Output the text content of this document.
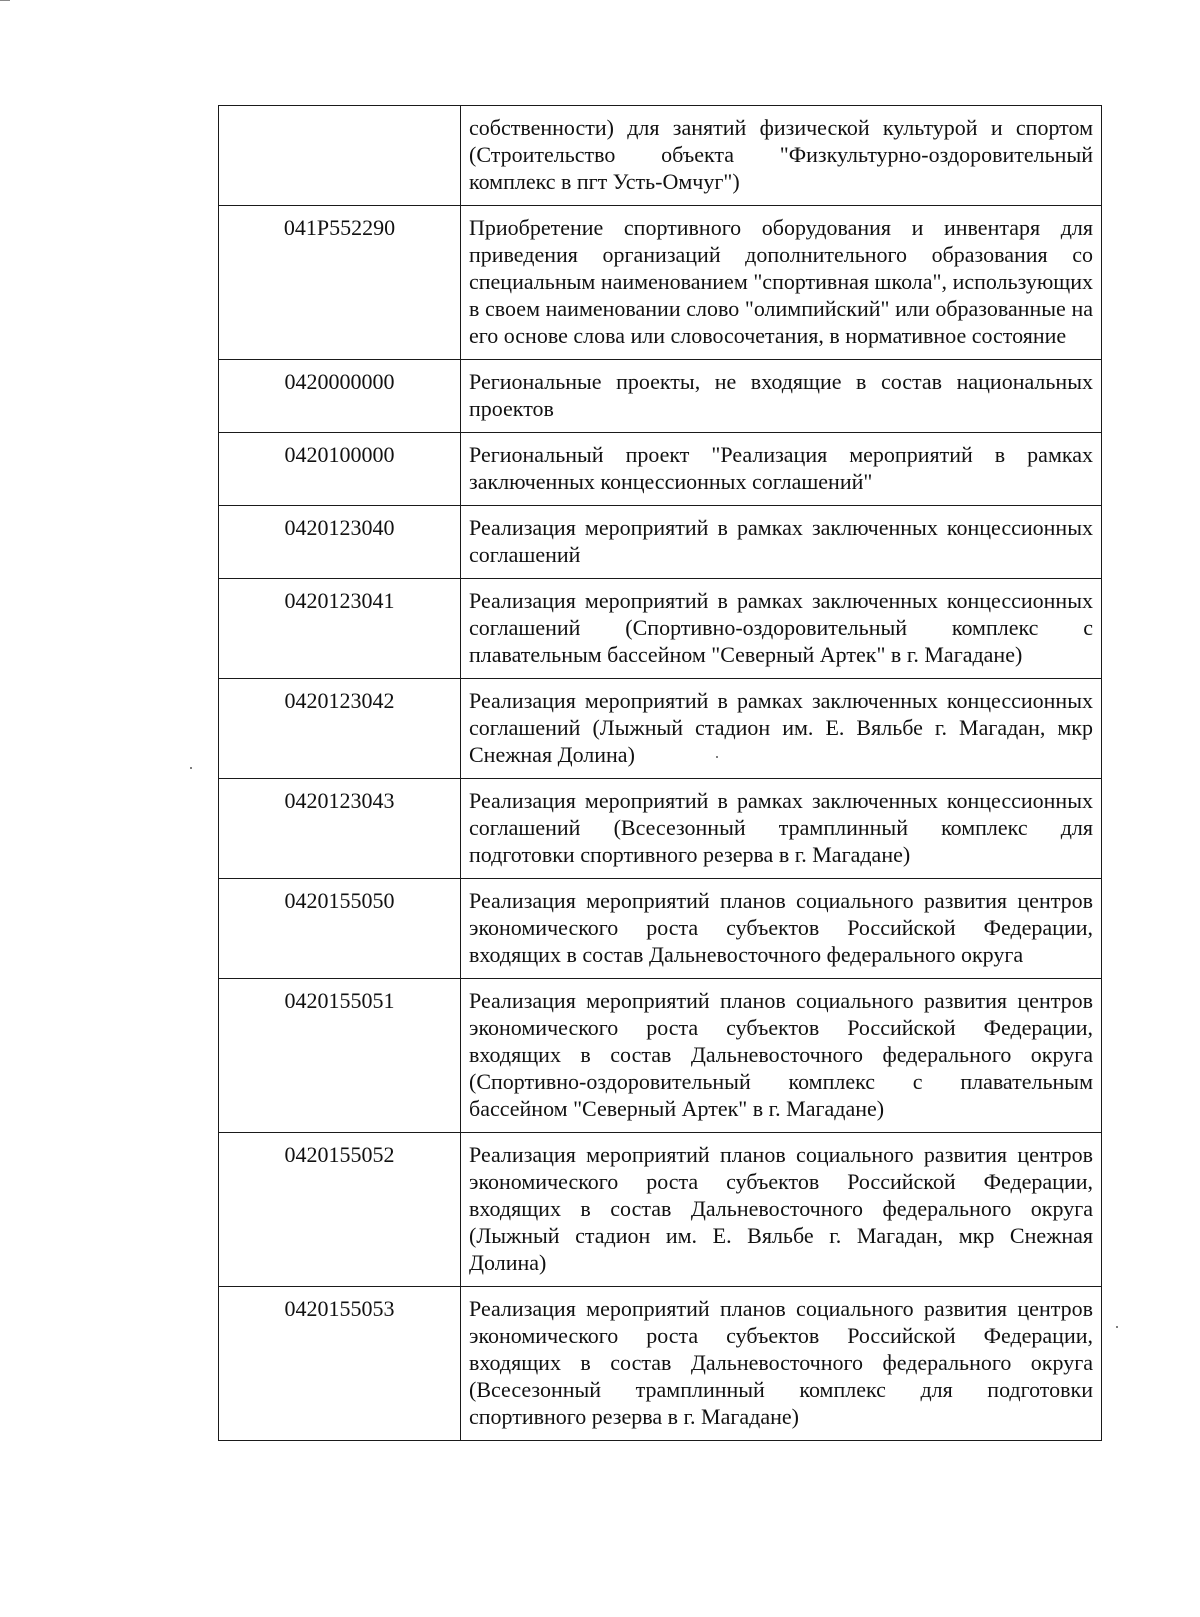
	собственности) для занятий физической культурой и спортом (Строительство объекта "Физкультурно-оздоровительный комплекс в пгт Усть-Омчуг")
041P552290	Приобретение спортивного оборудования и инвентаря для приведения организаций дополнительного образования со специальным наименованием "спортивная школа", использующих в своем наименовании слово "олимпийский" или образованные на его основе слова или словосочетания, в нормативное состояние
0420000000	Региональные проекты, не входящие в состав национальных проектов
0420100000	Региональный проект "Реализация мероприятий в рамках заключенных концессионных соглашений"
0420123040	Реализация мероприятий в рамках заключенных концессионных соглашений
0420123041	Реализация мероприятий в рамках заключенных концессионных соглашений (Спортивно-оздоровительный комплекс с плавательным бассейном "Северный Артек" в г. Магадане)
0420123042	Реализация мероприятий в рамках заключенных концессионных соглашений (Лыжный стадион им. Е. Вяльбе г. Магадан, мкр Снежная Долина)
0420123043	Реализация мероприятий в рамках заключенных концессионных соглашений (Всесезонный трамплинный комплекс для подготовки спортивного резерва в г. Магадане)
0420155050	Реализация мероприятий планов социального развития центров экономического роста субъектов Российской Федерации, входящих в состав Дальневосточного федерального округа
0420155051	Реализация мероприятий планов социального развития центров экономического роста субъектов Российской Федерации, входящих в состав Дальневосточного федерального округа (Спортивно-оздоровительный комплекс с плавательным бассейном "Северный Артек" в г. Магадане)
0420155052	Реализация мероприятий планов социального развития центров экономического роста субъектов Российской Федерации, входящих в состав Дальневосточного федерального округа (Лыжный стадион им. Е. Вяльбе г. Магадан, мкр Снежная Долина)
0420155053	Реализация мероприятий планов социального развития центров экономического роста субъектов Российской Федерации, входящих в состав Дальневосточного федерального округа (Всесезонный трамплинный комплекс для подготовки спортивного резерва в г. Магадане)
